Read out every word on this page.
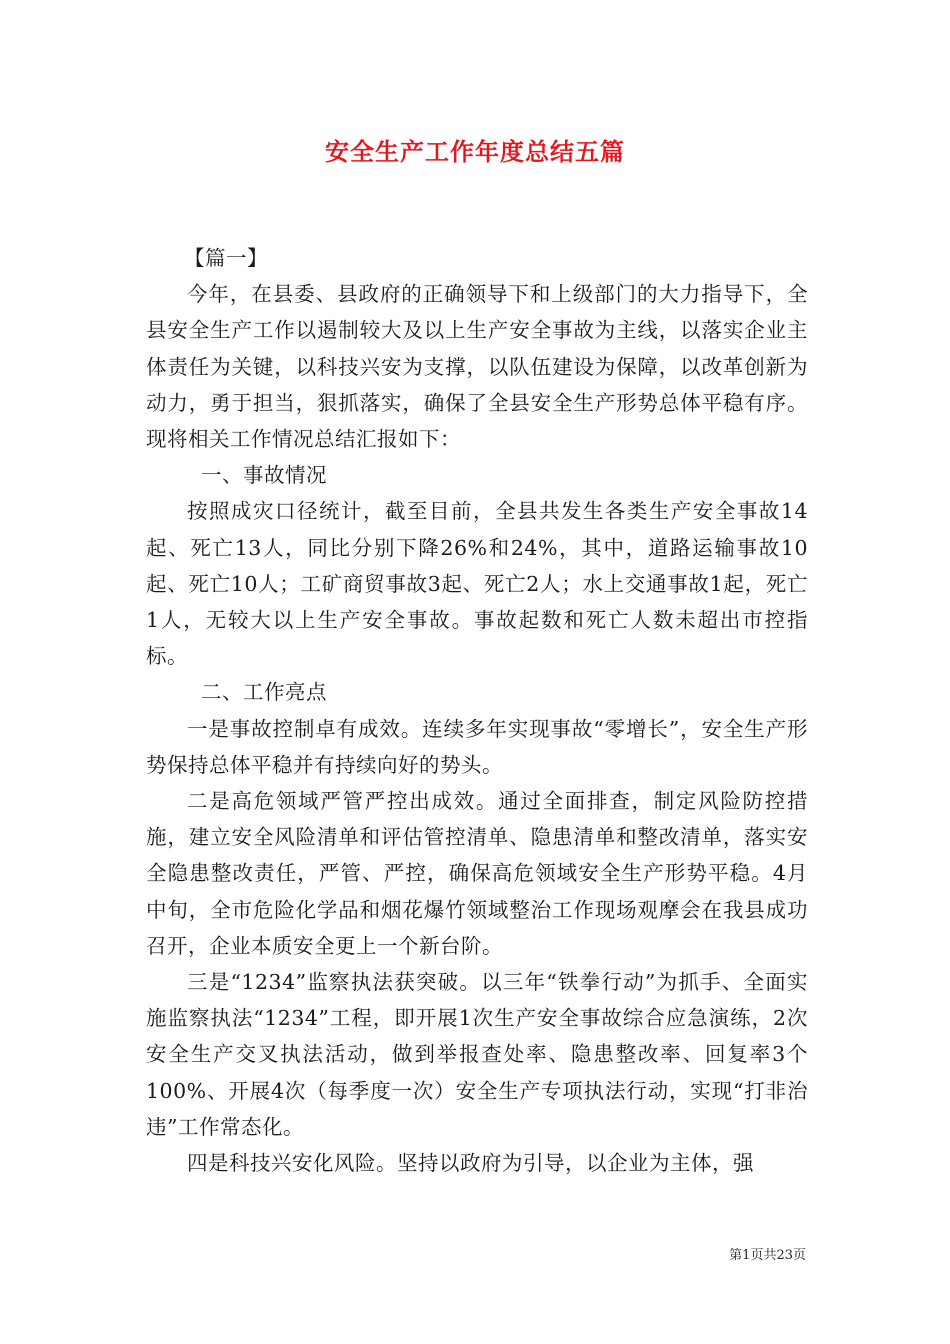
安全生产工作年度总结五篇

【篇一】

今年，在县委、县政府的正确领导下和上级部门的大力指导下，全县安全生产工作以遏制较大及以上生产安全事故为主线，以落实企业主体责任为关键，以科技兴安为支撑，以队伍建设为保障，以改革创新为动力，勇于担当，狠抓落实，确保了全县安全生产形势总体平稳有序。现将相关工作情况总结汇报如下：

一、事故情况

按照成灾口径统计，截至目前，全县共发生各类生产安全事故14起、死亡13人，同比分别下降26%和24%，其中，道路运输事故10起、死亡10人；工矿商贸事故3起、死亡2人；水上交通事故1起，死亡1人，无较大以上生产安全事故。事故起数和死亡人数未超出市控指标。

二、工作亮点

一是事故控制卓有成效。连续多年实现事故“零增长”，安全生产形势保持总体平稳并有持续向好的势头。

二是高危领域严管严控出成效。通过全面排查，制定风险防控措施，建立安全风险清单和评估管控清单、隐患清单和整改清单，落实安全隐患整改责任，严管、严控，确保高危领域安全生产形势平稳。4月中旬，全市危险化学品和烟花爆竹领域整治工作现场观摩会在我县成功召开，企业本质安全更上一个新台阶。

三是“1234”监察执法获突破。以三年“铁拳行动”为抓手、全面实施监察执法“1234”工程，即开展1次生产安全事故综合应急演练，2次安全生产交叉执法活动，做到举报查处率、隐患整改率、回复率3个100%、开展4次（每季度一次）安全生产专项执法行动，实现“打非治违”工作常态化。

四是科技兴安化风险。坚持以政府为引导，以企业为主体，强

第1页共23页
